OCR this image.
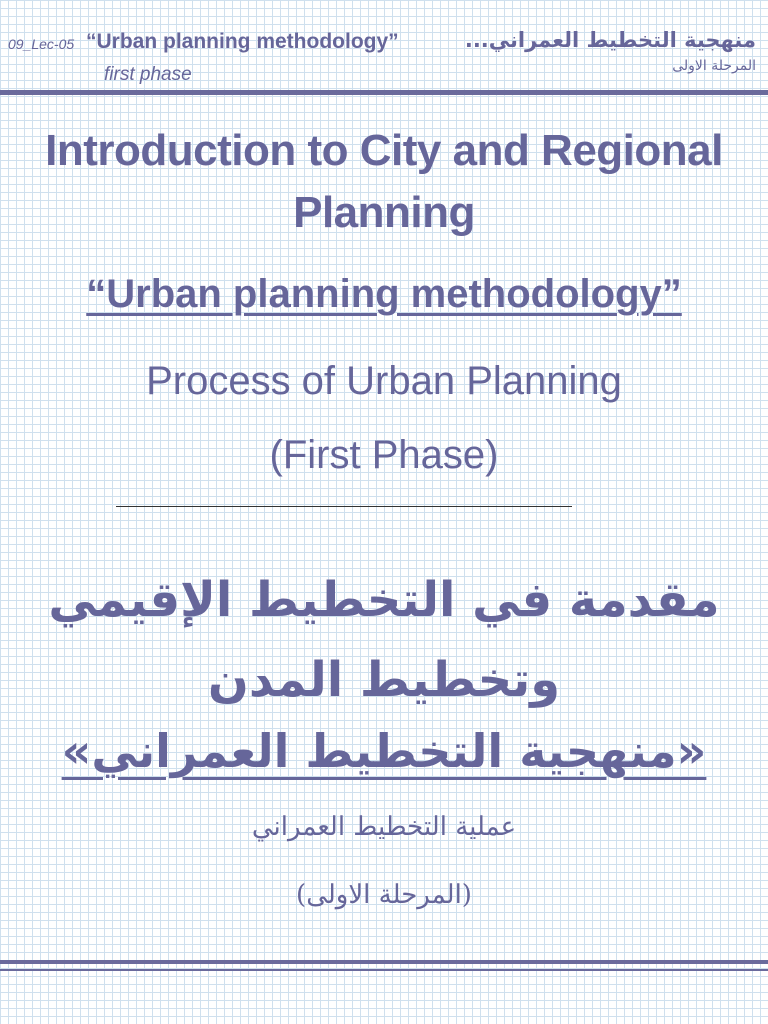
09_Lec-05 “Urban planning methodology”
first phase
منهجية التخطيط العمراني...
المرحلة الاولى
Introduction to City and Regional
Planning
“Urban planning methodology”
Process of Urban Planning
(First Phase)
مقدمة في التخطيط الإقيمي
وتخطيط المدن
«منهجية التخطيط العمراني»
عملية التخطيط العمراني
(المرحلة الاولى)
